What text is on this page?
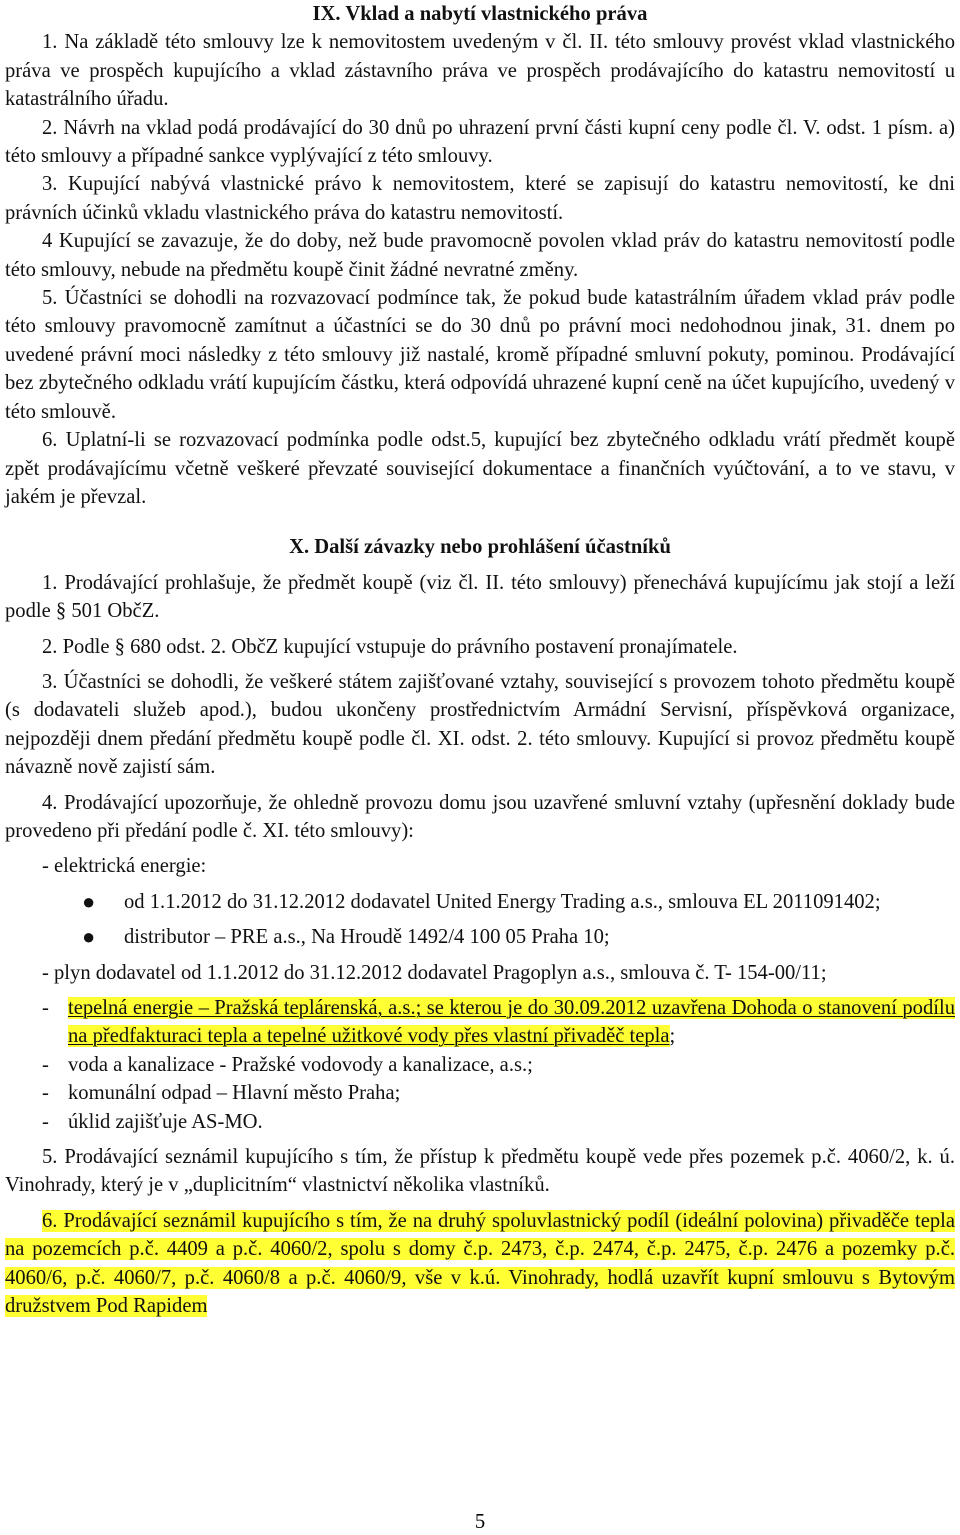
IX. Vklad a nabytí vlastnického práva

1. Na základě této smlouvy lze k nemovitostem uvedeným v čl. II. této smlouvy provést vklad vlastnického práva ve prospěch kupujícího a vklad zástavního práva ve prospěch prodávajícího do katastru nemovitostí u katastrálního úřadu.

2. Návrh na vklad podá prodávající do 30 dnů po uhrazení první části kupní ceny podle čl. V. odst. 1 písm. a) této smlouvy a případné sankce vyplývající z této smlouvy.

3. Kupující nabývá vlastnické právo k nemovitostem, které se zapisují do katastru nemovitostí, ke dni právních účinků vkladu vlastnického práva do katastru nemovitostí.

4 Kupující se zavazuje, že do doby, než bude pravomocně povolen vklad práv do katastru nemovitostí podle této smlouvy, nebude na předmětu koupě činit žádné nevratné změny.

5. Účastníci se dohodli na rozvazovací podmínce tak, že pokud bude katastrálním úřadem vklad práv podle této smlouvy pravomocně zamítnut a účastníci se do 30 dnů po právní moci nedohodnou jinak, 31. dnem po uvedené právní moci následky z této smlouvy již nastalé, kromě případné smluvní pokuty, pominou. Prodávající bez zbytečného odkladu vrátí kupujícím částku, která odpovídá uhrazené kupní ceně na účet kupujícího, uvedený v této smlouvě.

6. Uplatní-li se rozvazovací podmínka podle odst.5, kupující bez zbytečného odkladu vrátí předmět koupě zpět prodávajícímu včetně veškeré převzaté související dokumentace a finančních vyúčtování, a to ve stavu, v jakém je převzal.

X. Další závazky nebo prohlášení účastníků

1. Prodávající prohlašuje, že předmět koupě (viz čl. II. této smlouvy) přenechává kupujícímu jak stojí a leží podle § 501 ObčZ.

2. Podle § 680 odst. 2. ObčZ kupující vstupuje do právního postavení pronajímatele.

3. Účastníci se dohodli, že veškeré státem zajišťované vztahy, související s provozem tohoto předmětu koupě (s dodavateli služeb apod.), budou ukončeny prostřednictvím Armádní Servisní, příspěvková organizace, nejpozději dnem předání předmětu koupě podle čl. XI. odst. 2. této smlouvy. Kupující si provoz předmětu koupě návazně nově zajistí sám.

4. Prodávající upozorňuje, že ohledně provozu domu jsou uzavřené smluvní vztahy (upřesnění doklady bude provedeno při předání podle č. XI. této smlouvy):

- elektrická energie:

●	od 1.1.2012 do 31.12.2012 dodavatel United Energy Trading a.s., smlouva EL 2011091402;
●	distributor – PRE a.s., Na Hroudě 1492/4 100 05 Praha 10;

- plyn dodavatel od 1.1.2012 do 31.12.2012 dodavatel Pragoplyn a.s., smlouva č. T- 154-00/11;

- tepelná energie – Pražská teplárenská, a.s.; se kterou je do 30.09.2012 uzavřena Dohoda o stanovení podílu na předfakturaci tepla a tepelné užitkové vody přes vlastní přivaděč tepla;
- voda a kanalizace - Pražské vodovody a kanalizace, a.s.;
- komunální odpad – Hlavní město Praha;
- úklid zajišťuje AS-MO.

5. Prodávající seznámil kupujícího s tím, že přístup k předmětu koupě vede přes pozemek p.č. 4060/2, k. ú. Vinohrady, který je v „duplicitním“ vlastnictví několika vlastníků.

6. Prodávající seznámil kupujícího s tím, že na druhý spoluvlastnický podíl (ideální polovina) přivaděče tepla na pozemcích p.č. 4409 a p.č. 4060/2, spolu s domy č.p. 2473, č.p. 2474, č.p. 2475, č.p. 2476 a pozemky p.č. 4060/6, p.č. 4060/7, p.č. 4060/8 a p.č. 4060/9, vše v k.ú. Vinohrady, hodlá uzavřít kupní smlouvu s Bytovým družstvem Pod Rapidem

5
